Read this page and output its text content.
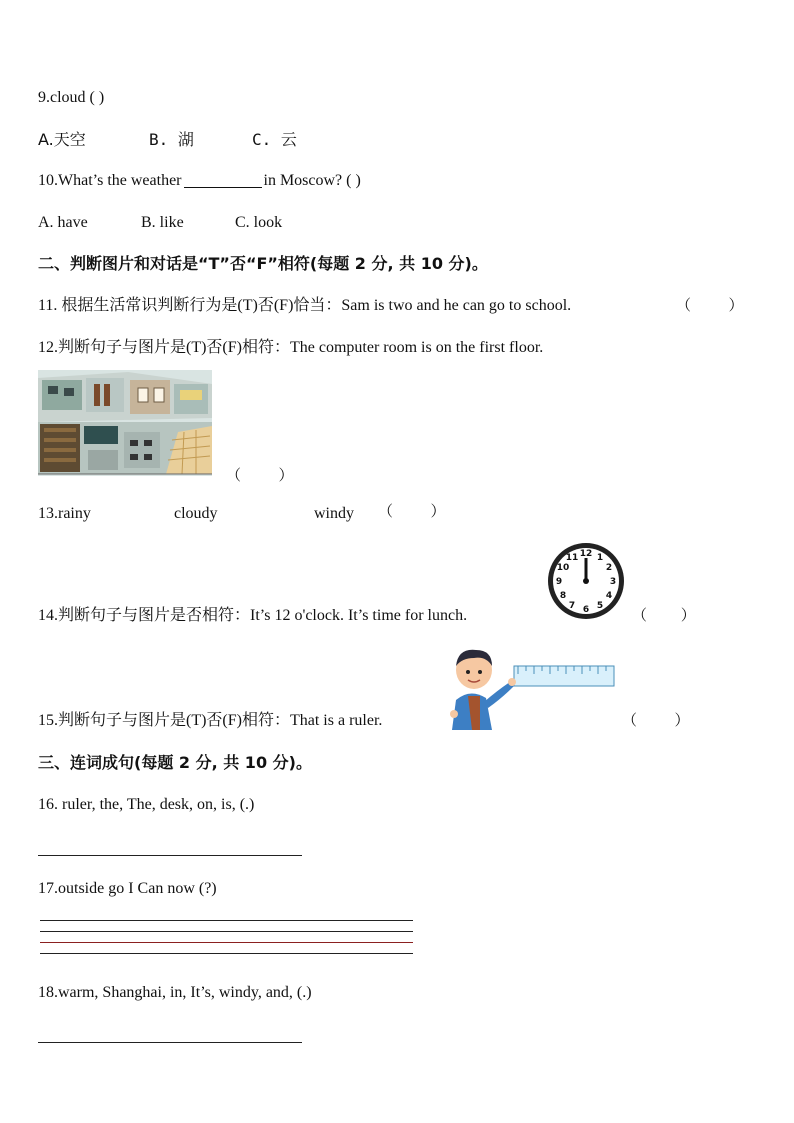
9.cloud ( )
A.天空	B. 湖	C. 云
10.What’s the weather	in Moscow? ( )
A. have	B. like	C. look
二、判断图片和对话是“T”否“F”相符(每题 2 分, 共 10 分)。
11. 根据生活常识判断行为是(T)否(F)恰当：Sam is two and he can go to school.	（          ）
12.判断句子与图片是(T)否(F)相符：The computer room is on the first floor.
（          ）
13.rainy	cloudy	windy （          ）
12 1
2
3
4
5
6
7
8
9
10
11
14.判断句子与图片是否相符：It’s 12 o'clock. It’s time for lunch.	（         ）
15.判断句子与图片是(T)否(F)相符：That is a ruler.	（          ）
三、连词成句(每题 2 分, 共 10 分)。
16. ruler, the, The, desk, on, is, (.)
17.outside go I Can now (?)
18.warm, Shanghai, in, It’s, windy, and, (.)
